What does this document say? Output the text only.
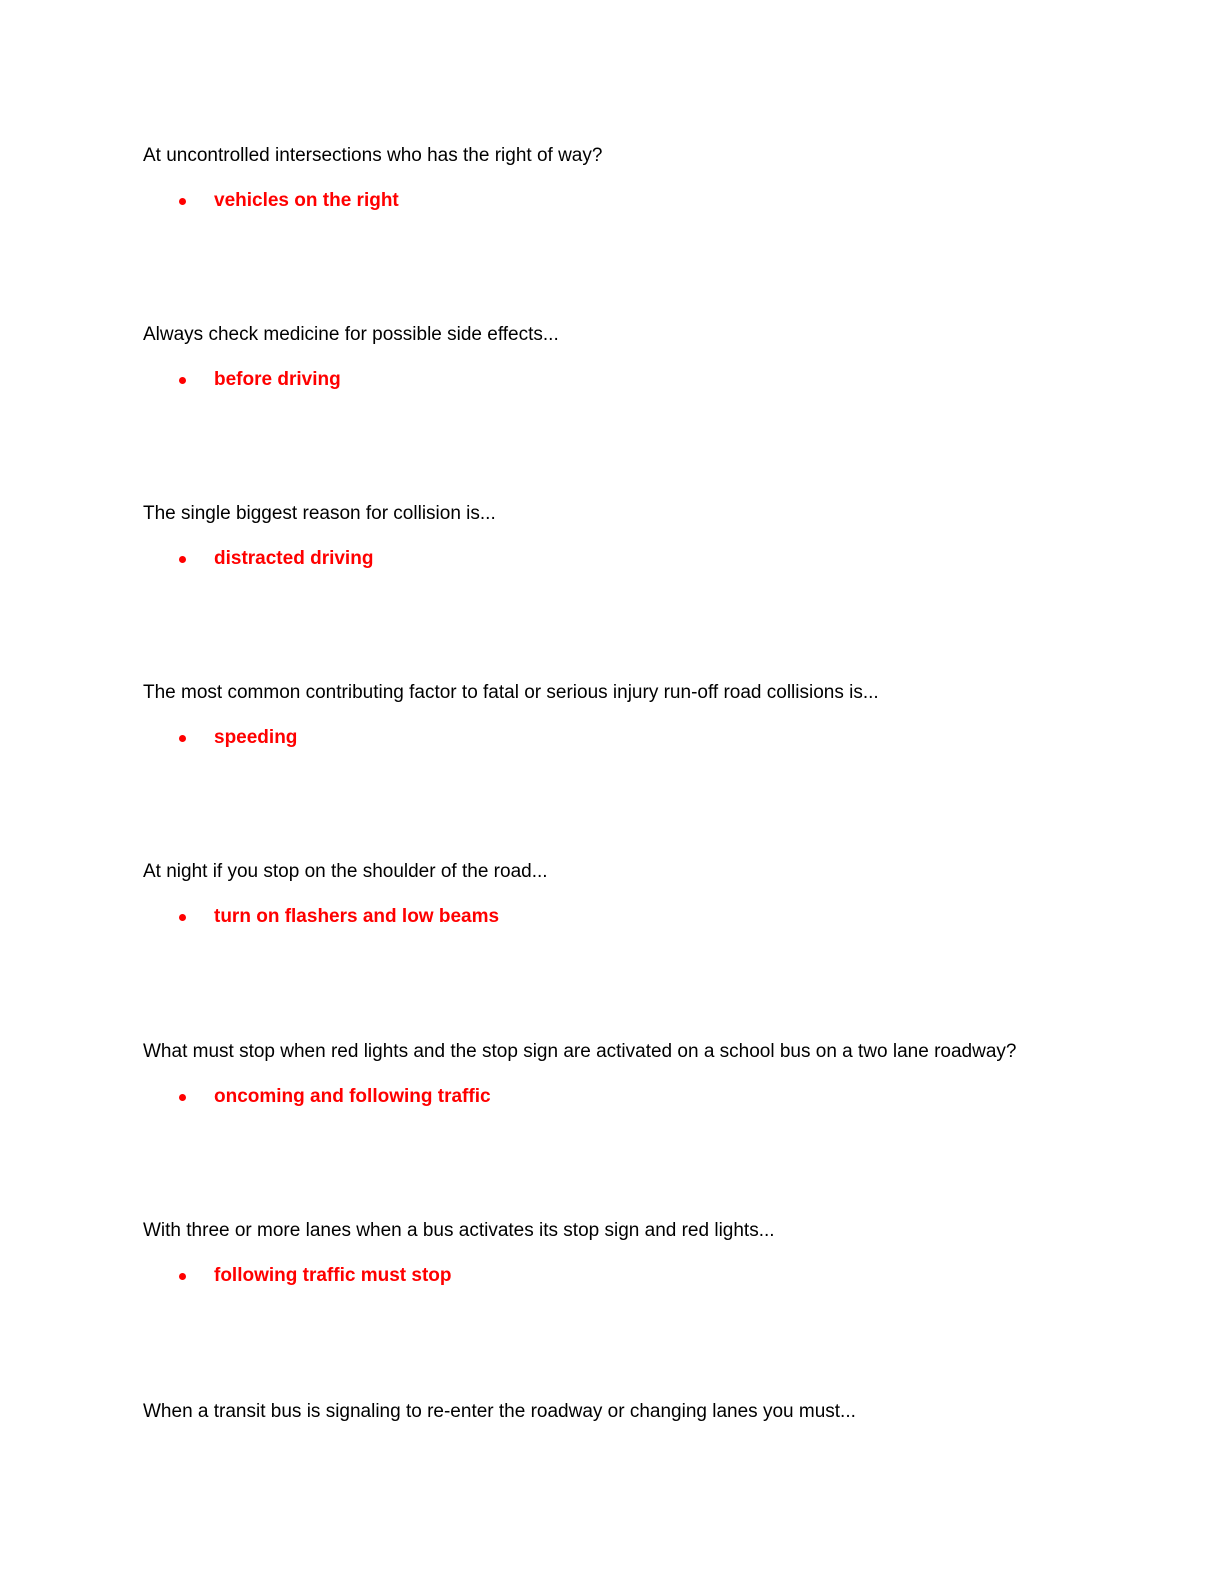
At uncontrolled intersections who has the right of way?

vehicles on the right

Always check medicine for possible side effects...

before driving

The single biggest reason for collision is...

distracted driving

The most common contributing factor to fatal or serious injury run-off road collisions is...

speeding

At night if you stop on the shoulder of the road...

turn on flashers and low beams

What must stop when red lights and the stop sign are activated on a school bus on a two lane roadway?

oncoming and following traffic

With three or more lanes when a bus activates its stop sign and red lights...

following traffic must stop

When a transit bus is signaling to re-enter the roadway or changing lanes you must...
